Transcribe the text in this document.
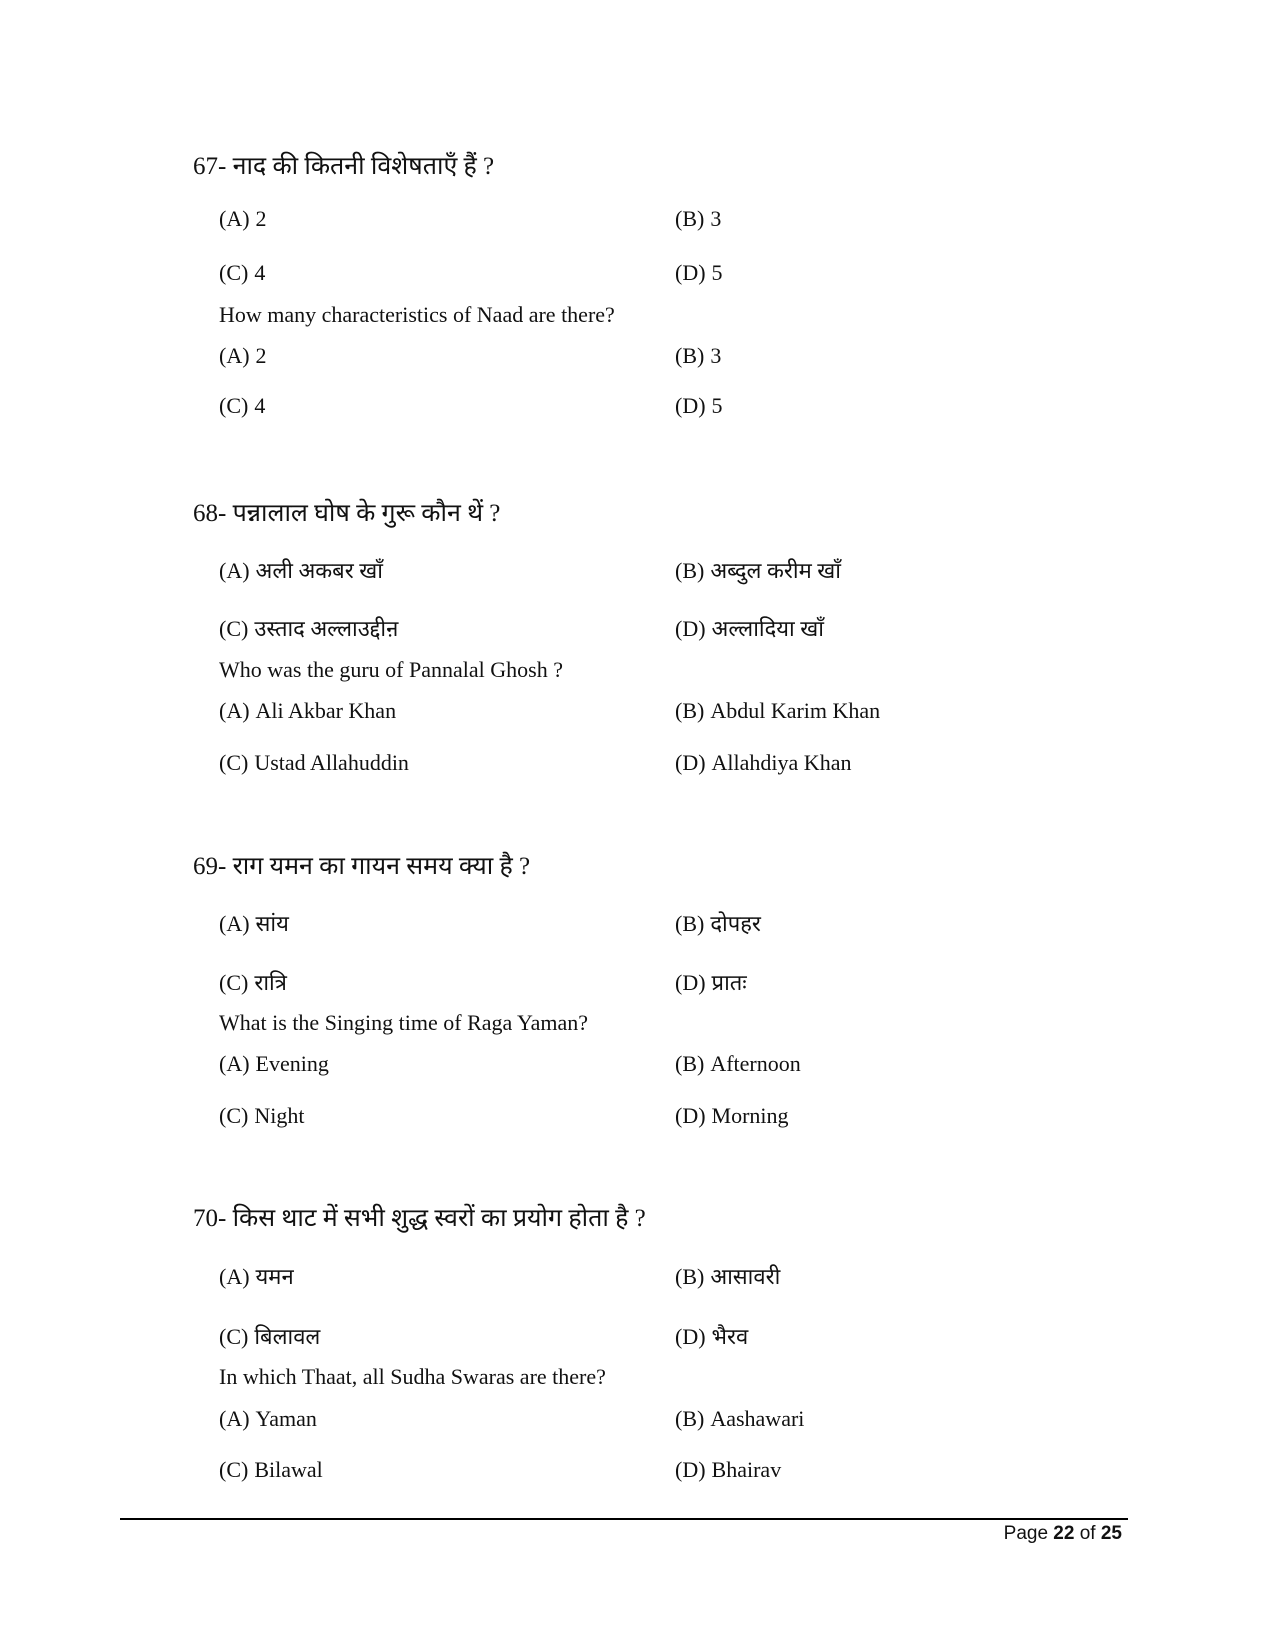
67- नाद की कितनी विशेषताएँ हैं ?
(A) 2	(B) 3
(C) 4	(D) 5
How many characteristics of Naad are there?
(A) 2	(B) 3
(C) 4	(D) 5
68- पन्नालाल घोष के गुरू कौन थें ?
(A) अली अकबर खाँ	(B) अब्दुल करीम खाँ
(C) उस्ताद अल्लाउद्दीऩ	(D) अल्लादिया खाँ
Who was the guru of Pannalal Ghosh ?
(A) Ali Akbar Khan	(B) Abdul Karim Khan
(C) Ustad Allahuddin	(D) Allahdiya Khan
69- राग यमन का गायन समय क्या है ?
(A) सांय	(B) दोपहर
(C) रात्रि	(D) प्रातः
What is the Singing time of Raga Yaman?
(A) Evening	(B) Afternoon
(C) Night	(D) Morning
70- किस थाट में सभी शुद्ध स्वरों का प्रयोग होता है ?
(A) यमन	(B) आसावरी
(C) बिलावल	(D) भैरव
In which Thaat, all Sudha Swaras are there?
(A) Yaman	(B) Aashawari
(C) Bilawal	(D) Bhairav
Page 22 of 25
